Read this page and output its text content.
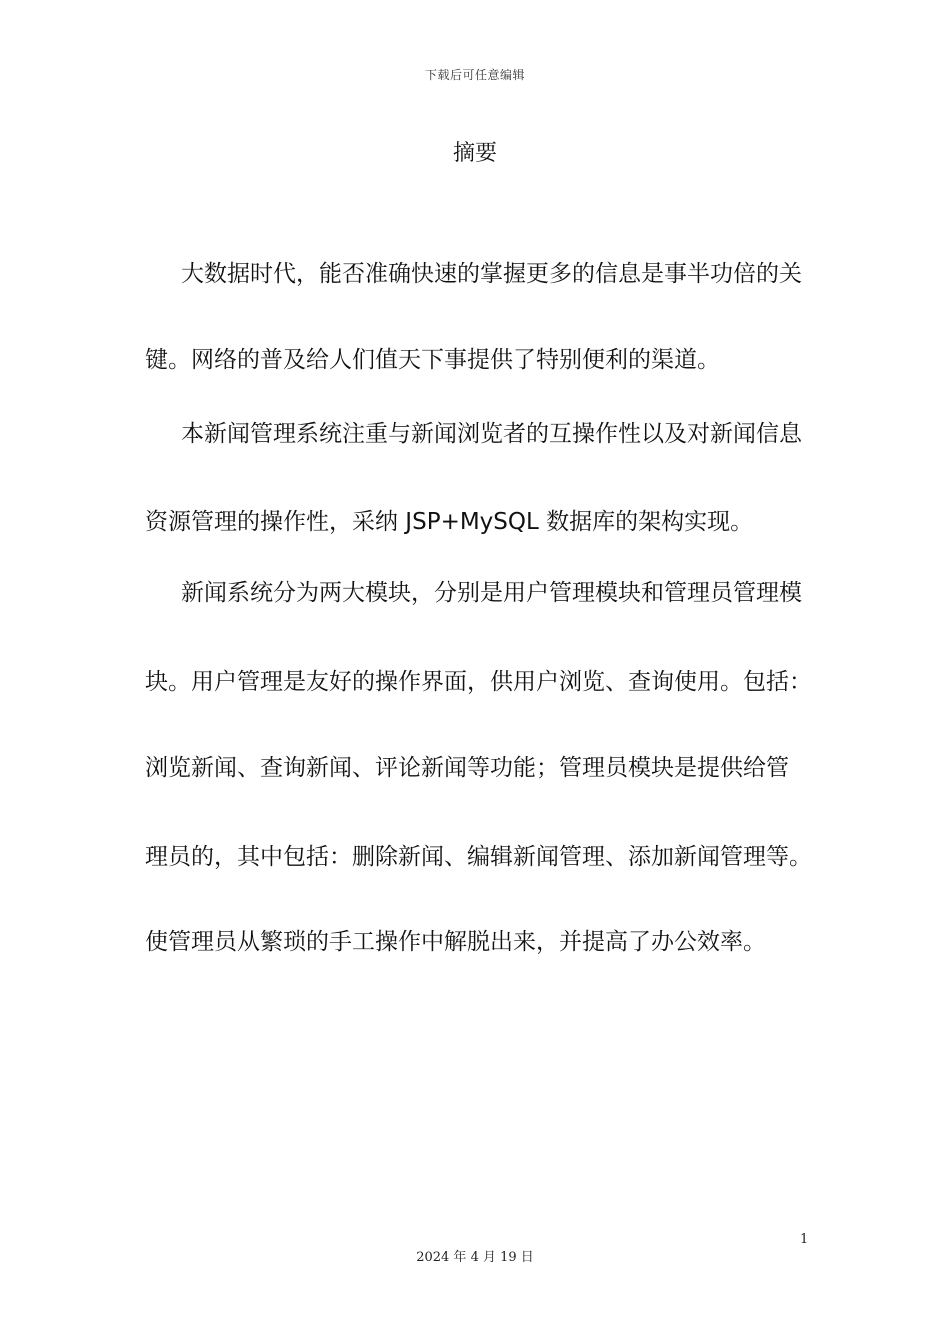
下载后可任意编辑
摘要
大数据时代，能否准确快速的掌握更多的信息是事半功倍的关
键。网络的普及给人们值天下事提供了特别便利的渠道。
本新闻管理系统注重与新闻浏览者的互操作性以及对新闻信息
资源管理的操作性，采纳 JSP+MySQL 数据库的架构实现。
新闻系统分为两大模块，分别是用户管理模块和管理员管理模
块。用户管理是友好的操作界面，供用户浏览、查询使用。包括：
浏览新闻、查询新闻、评论新闻等功能；管理员模块是提供给管
理员的，其中包括：删除新闻、编辑新闻管理、添加新闻管理等。
使管理员从繁琐的手工操作中解脱出来，并提高了办公效率。
1
2024 年 4 月 19 日
